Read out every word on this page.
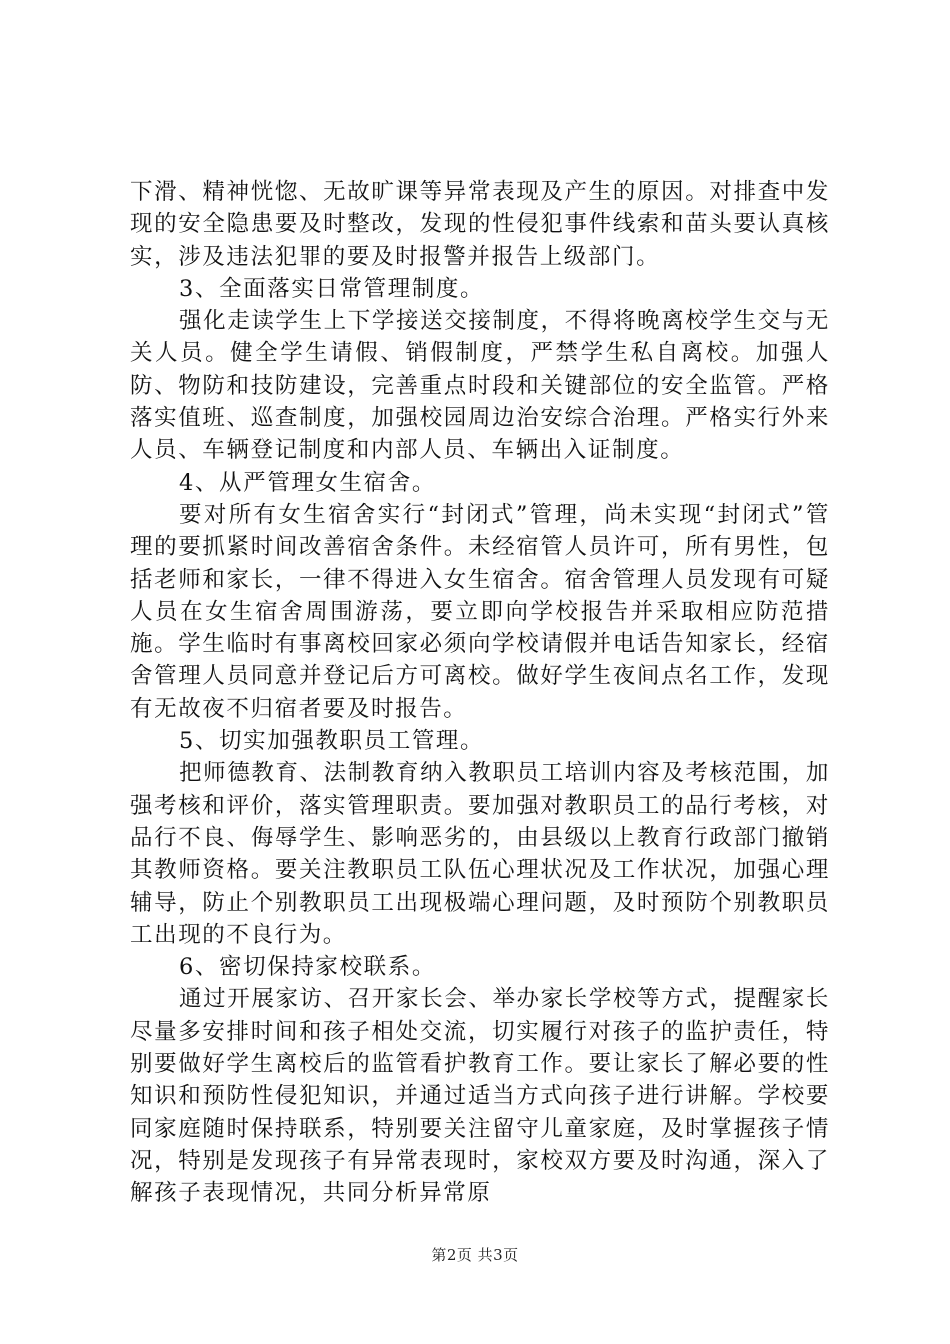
下滑、精神恍惚、无故旷课等异常表现及产生的原因。对排查中发现的安全隐患要及时整改，发现的性侵犯事件线索和苗头要认真核实，涉及违法犯罪的要及时报警并报告上级部门。

3、全面落实日常管理制度。

强化走读学生上下学接送交接制度，不得将晚离校学生交与无关人员。健全学生请假、销假制度，严禁学生私自离校。加强人防、物防和技防建设，完善重点时段和关键部位的安全监管。严格落实值班、巡查制度，加强校园周边治安综合治理。严格实行外来人员、车辆登记制度和内部人员、车辆出入证制度。

4、从严管理女生宿舍。

要对所有女生宿舍实行“封闭式”管理，尚未实现“封闭式”管理的要抓紧时间改善宿舍条件。未经宿管人员许可，所有男性，包括老师和家长，一律不得进入女生宿舍。宿舍管理人员发现有可疑人员在女生宿舍周围游荡，要立即向学校报告并采取相应防范措施。学生临时有事离校回家必须向学校请假并电话告知家长，经宿舍管理人员同意并登记后方可离校。做好学生夜间点名工作，发现有无故夜不归宿者要及时报告。

5、切实加强教职员工管理。

把师德教育、法制教育纳入教职员工培训内容及考核范围，加强考核和评价，落实管理职责。要加强对教职员工的品行考核，对品行不良、侮辱学生、影响恶劣的，由县级以上教育行政部门撤销其教师资格。要关注教职员工队伍心理状况及工作状况，加强心理辅导，防止个别教职员工出现极端心理问题，及时预防个别教职员工出现的不良行为。

6、密切保持家校联系。

通过开展家访、召开家长会、举办家长学校等方式，提醒家长尽量多安排时间和孩子相处交流，切实履行对孩子的监护责任，特别要做好学生离校后的监管看护教育工作。要让家长了解必要的性知识和预防性侵犯知识，并通过适当方式向孩子进行讲解。学校要同家庭随时保持联系，特别要关注留守儿童家庭，及时掌握孩子情况，特别是发现孩子有异常表现时，家校双方要及时沟通，深入了解孩子表现情况，共同分析异常原

第2页 共3页
